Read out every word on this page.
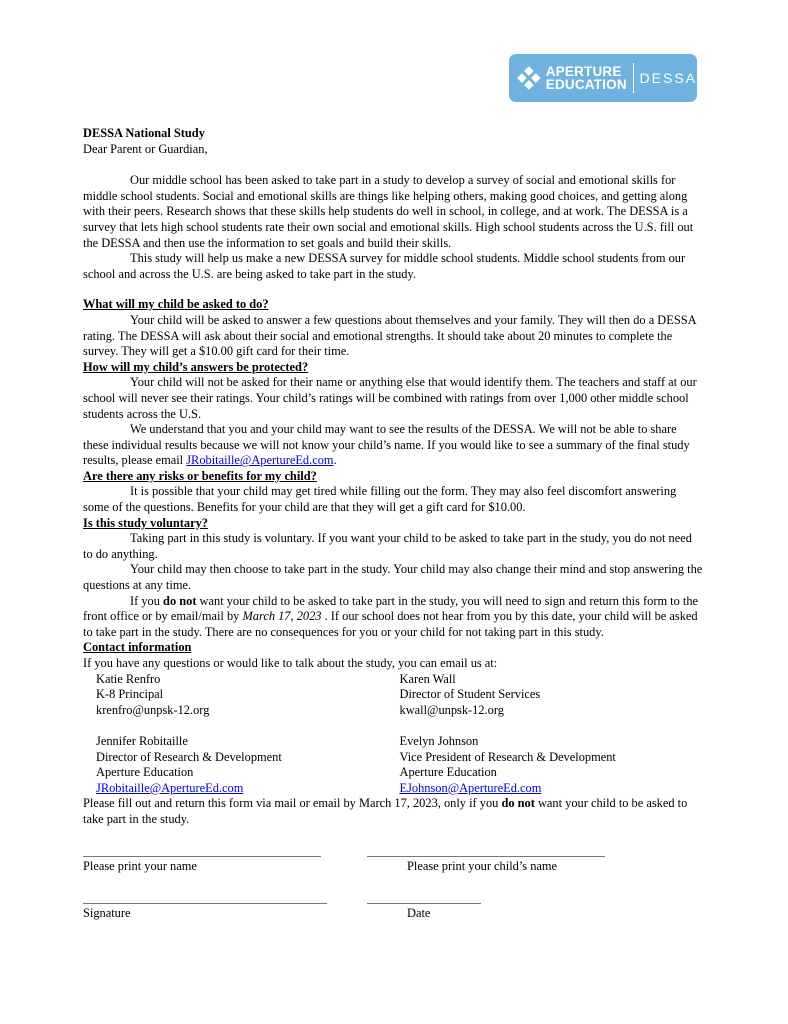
APERTURE
EDUCATION DESSA

DESSA National Study

Dear Parent or Guardian,

Our middle school has been asked to take part in a study to develop a survey of social and emotional skills for middle school students. Social and emotional skills are things like helping others, making good choices, and getting along with their peers. Research shows that these skills help students do well in school, in college, and at work. The DESSA is a survey that lets high school students rate their own social and emotional skills. High school students across the U.S. fill out the DESSA and then use the information to set goals and build their skills.

This study will help us make a new DESSA survey for middle school students. Middle school students from our school and across the U.S. are being asked to take part in the study.

What will my child be asked to do?

Your child will be asked to answer a few questions about themselves and your family. They will then do a DESSA rating. The DESSA will ask about their social and emotional strengths. It should take about 20 minutes to complete the survey. They will get a $10.00 gift card for their time.

How will my child’s answers be protected?

Your child will not be asked for their name or anything else that would identify them. The teachers and staff at our school will never see their ratings. Your child’s ratings will be combined with ratings from over 1,000 other middle school students across the U.S.

We understand that you and your child may want to see the results of the DESSA. We will not be able to share these individual results because we will not know your child’s name. If you would like to see a summary of the final study results, please email JRobitaille@ApertureEd.com.

Are there any risks or benefits for my child?

It is possible that your child may get tired while filling out the form. They may also feel discomfort answering some of the questions. Benefits for your child are that they will get a gift card for $10.00.

Is this study voluntary?

Taking part in this study is voluntary. If you want your child to be asked to take part in the study, you do not need to do anything.

Your child may then choose to take part in the study. Your child may also change their mind and stop answering the questions at any time.

If you do not want your child to be asked to take part in the study, you will need to sign and return this form to the front office or by email/mail by March 17, 2023 . If our school does not hear from you by this date, your child will be asked to take part in the study. There are no consequences for you or your child for not taking part in this study.

Contact information

If you have any questions or would like to talk about the study, you can email us at:

Katie Renfro
K-8 Principal
krenfro@unpsk-12.org
Karen Wall
Director of Student Services
kwall@unpsk-12.org
Jennifer Robitaille
Director of Research & Development
Aperture Education
JRobitaille@ApertureEd.com
Evelyn Johnson
Vice President of Research & Development
Aperture Education
EJohnson@ApertureEd.com

Please fill out and return this form via mail or email by March 17, 2023, only if you do not want your child to be asked to take part in the study.

Please print your name	Please print your child’s name
Signature	Date
